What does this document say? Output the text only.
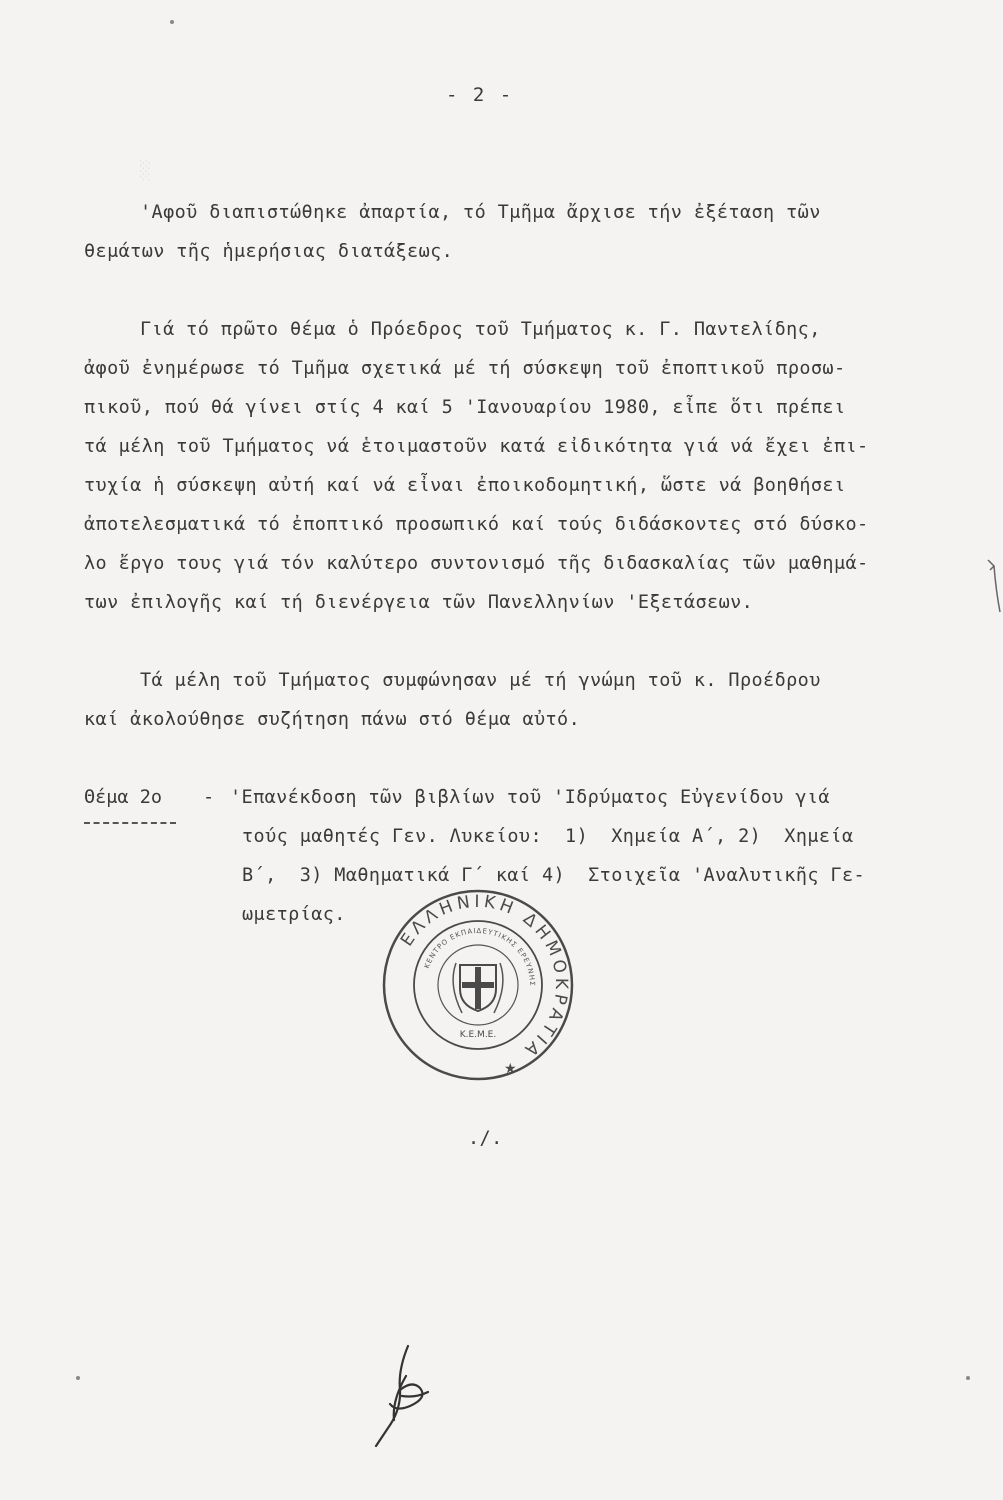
- 2 -
░
'Αφοῦ διαπιστώθηκε ἀπαρτία, τό Τμῆμα ἄρχισε τήν ἐξέταση τῶν
θεμάτων τῆς ἡμερήσιας διατάξεως.
Γιά τό πρῶτο θέμα ὁ Πρόεδρος τοῦ Τμήματος κ. Γ. Παντελίδης,
ἀφοῦ ἐνημέρωσε τό Τμῆμα σχετικά μέ τή σύσκεψη τοῦ ἐποπτικοῦ προσω-
πικοῦ, πού θά γίνει στίς 4 καί 5 'Ιανουαρίου 1980, εἶπε ὅτι πρέπει
τά μέλη τοῦ Τμήματος νά ἑτοιμαστοῦν κατά εἰδικότητα γιά νά ἔχει ἐπι-
τυχία ἡ σύσκεψη αὐτή καί νά εἶναι ἐποικοδομητική, ὥστε νά βοηθήσει
ἀποτελεσματικά τό ἐποπτικό προσωπικό καί τούς διδάσκοντες στό δύσκο-
λο ἔργο τους γιά τόν καλύτερο συντονισμό τῆς διδασκαλίας τῶν μαθημά-
των ἐπιλογῆς καί τή διενέργεια τῶν Πανελληνίων 'Εξετάσεων.
Τά μέλη τοῦ Τμήματος συμφώνησαν μέ τή γνώμη τοῦ κ. Προέδρου
καί ἀκολούθησε συζήτηση πάνω στό θέμα αὐτό.
Θέμα 2ο - 'Επανέκδοση τῶν βιβλίων τοῦ 'Ιδρύματος Εὐγενίδου γιά
τούς μαθητές Γεν. Λυκείου:  1)  Χημεία Α΄, 2)  Χημεία
Β΄,  3) Μαθηματικά Γ΄ καί 4)  Στοιχεῖα 'Αναλυτικῆς Γε-
ωμετρίας.
ΕΛΛΗΝΙΚΗ ΔΗΜΟΚΡΑΤΙΑ
ΚΕΝΤΡΟ ΕΚΠΑΙΔΕΥΤΙΚΗΣ ΕΡΕΥΝΗΣ
Κ.Ε.Μ.Ε.
★
./.
